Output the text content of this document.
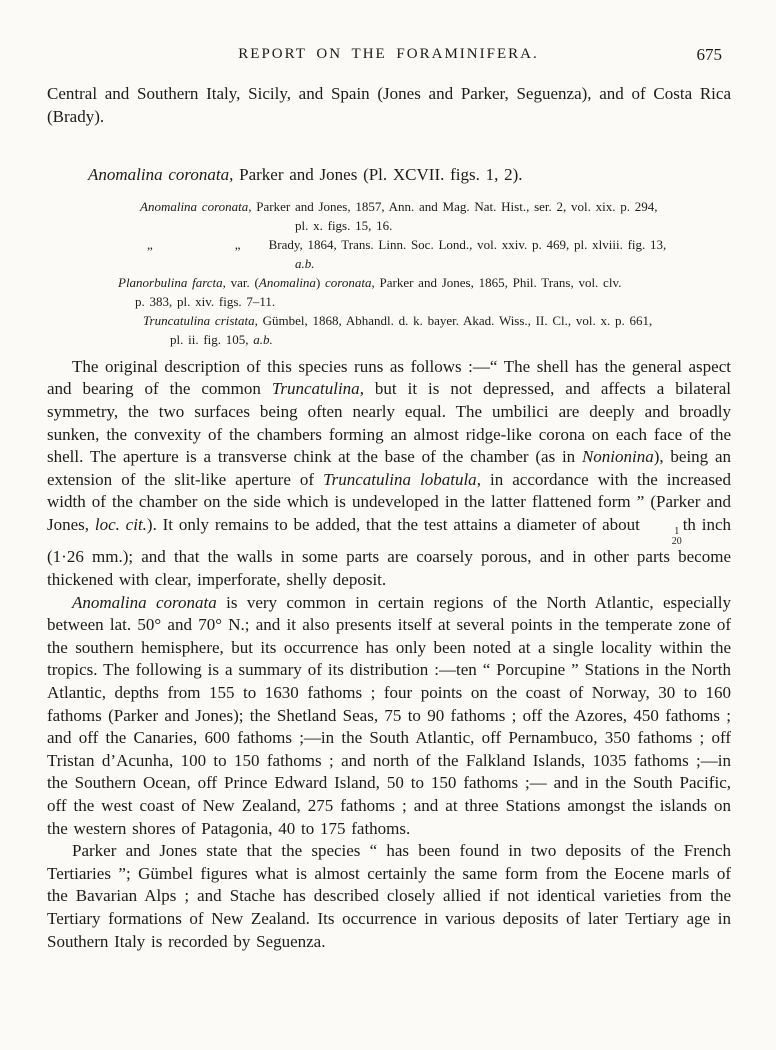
REPORT ON THE FORAMINIFERA.	675

Central and Southern Italy, Sicily, and Spain (Jones and Parker, Seguenza), and of Costa Rica (Brady).

Anomalina coronata, Parker and Jones (Pl. XCVII. figs. 1, 2).

Anomalina coronata, Parker and Jones, 1857, Ann. and Mag. Nat. Hist., ser. 2, vol. xix. p. 294,
pl. x. figs. 15, 16.
„	„ Brady, 1864, Trans. Linn. Soc. Lond., vol. xxiv. p. 469, pl. xlviii. fig. 13,
a.b.
Planorbulina farcta, var. (Anomalina) coronata, Parker and Jones, 1865, Phil. Trans, vol. clv.
p. 383, pl. xiv. figs. 7–11.
Truncatulina cristata, Gümbel, 1868, Abhandl. d. k. bayer. Akad. Wiss., II. Cl., vol. x. p. 661,
pl. ii. fig. 105, a.b.

The original description of this species runs as follows :—“ The shell has the general aspect and bearing of the common Truncatulina, but it is not depressed, and affects a bilateral symmetry, the two surfaces being often nearly equal. The umbilici are deeply and broadly sunken, the convexity of the chambers forming an almost ridge-like corona on each face of the shell. The aperture is a transverse chink at the base of the chamber (as in Nonionina), being an extension of the slit-like aperture of Truncatulina lobatula, in accordance with the increased width of the chamber on the side which is undeveloped in the latter flattened form ” (Parker and Jones, loc. cit.). It only remains to be added, that the test attains a diameter of about	1
20
th inch (1·26 mm.); and that the walls in some parts are coarsely porous, and in other parts become thickened with clear, imperforate, shelly deposit.

Anomalina coronata is very common in certain regions of the North Atlantic, especially between lat. 50° and 70° N.; and it also presents itself at several points in the temperate zone of the southern hemisphere, but its occurrence has only been noted at a single locality within the tropics. The following is a summary of its distribution :—ten “ Porcupine ” Stations in the North Atlantic, depths from 155 to 1630 fathoms ; four points on the coast of Norway, 30 to 160 fathoms (Parker and Jones); the Shetland Seas, 75 to 90 fathoms ; off the Azores, 450 fathoms ; and off the Canaries, 600 fathoms ;—in the South Atlantic, off Pernambuco, 350 fathoms ; off Tristan d’Acunha, 100 to 150 fathoms ; and north of the Falkland Islands, 1035 fathoms ;—in the Southern Ocean, off Prince Edward Island, 50 to 150 fathoms ;— and in the South Pacific, off the west coast of New Zealand, 275 fathoms ; and at three Stations amongst the islands on the western shores of Patagonia, 40 to 175 fathoms.

Parker and Jones state that the species “ has been found in two deposits of the French Tertiaries ”; Gümbel figures what is almost certainly the same form from the Eocene marls of the Bavarian Alps ; and Stache has described closely allied if not identical varieties from the Tertiary formations of New Zealand. Its occurrence in various deposits of later Tertiary age in Southern Italy is recorded by Seguenza.
